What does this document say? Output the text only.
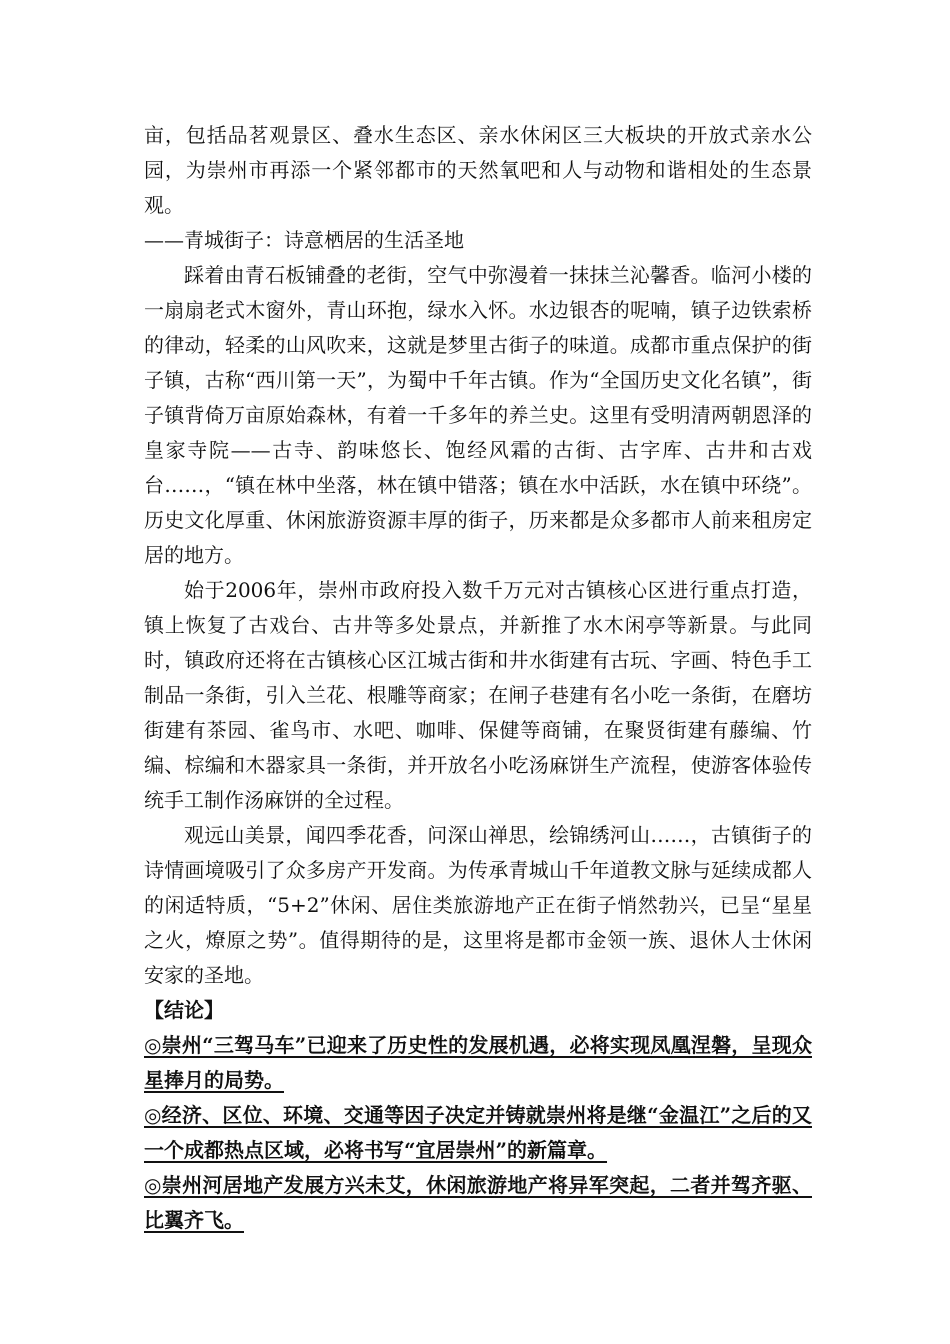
亩，包括品茗观景区、叠水生态区、亲水休闲区三大板块的开放式亲水公园，为崇州市再添一个紧邻都市的天然氧吧和人与动物和谐相处的生态景观。

——青城街子：诗意栖居的生活圣地

踩着由青石板铺叠的老街，空气中弥漫着一抹抹兰沁馨香。临河小楼的一扇扇老式木窗外，青山环抱，绿水入怀。水边银杏的呢喃，镇子边铁索桥的律动，轻柔的山风吹来，这就是梦里古街子的味道。成都市重点保护的街子镇，古称“西川第一天”，为蜀中千年古镇。作为“全国历史文化名镇”，街子镇背倚万亩原始森林，有着一千多年的养兰史。这里有受明清两朝恩泽的皇家寺院——古寺、韵味悠长、饱经风霜的古街、古字库、古井和古戏台……，“镇在林中坐落，林在镇中错落；镇在水中活跃，水在镇中环绕”。历史文化厚重、休闲旅游资源丰厚的街子，历来都是众多都市人前来租房定居的地方。

始于2006年，崇州市政府投入数千万元对古镇核心区进行重点打造，镇上恢复了古戏台、古井等多处景点，并新推了水木闲亭等新景。与此同时，镇政府还将在古镇核心区江城古街和井水街建有古玩、字画、特色手工制品一条街，引入兰花、根雕等商家；在闸子巷建有名小吃一条街，在磨坊街建有茶园、雀鸟市、水吧、咖啡、保健等商铺，在聚贤街建有藤编、竹编、棕编和木器家具一条街，并开放名小吃汤麻饼生产流程，使游客体验传统手工制作汤麻饼的全过程。

观远山美景，闻四季花香，问深山禅思，绘锦绣河山……，古镇街子的诗情画境吸引了众多房产开发商。为传承青城山千年道教文脉与延续成都人的闲适特质，“5+2”休闲、居住类旅游地产正在街子悄然勃兴，已呈“星星之火，燎原之势”。值得期待的是，这里将是都市金领一族、退休人士休闲安家的圣地。

【结论】

◎崇州“三驾马车”已迎来了历史性的发展机遇，必将实现凤凰涅磐，呈现众星捧月的局势。

◎经济、区位、环境、交通等因子决定并铸就崇州将是继“金温江”之后的又一个成都热点区域，必将书写“宜居崇州”的新篇章。

◎崇州河居地产发展方兴未艾，休闲旅游地产将异军突起，二者并驾齐驱、比翼齐飞。
